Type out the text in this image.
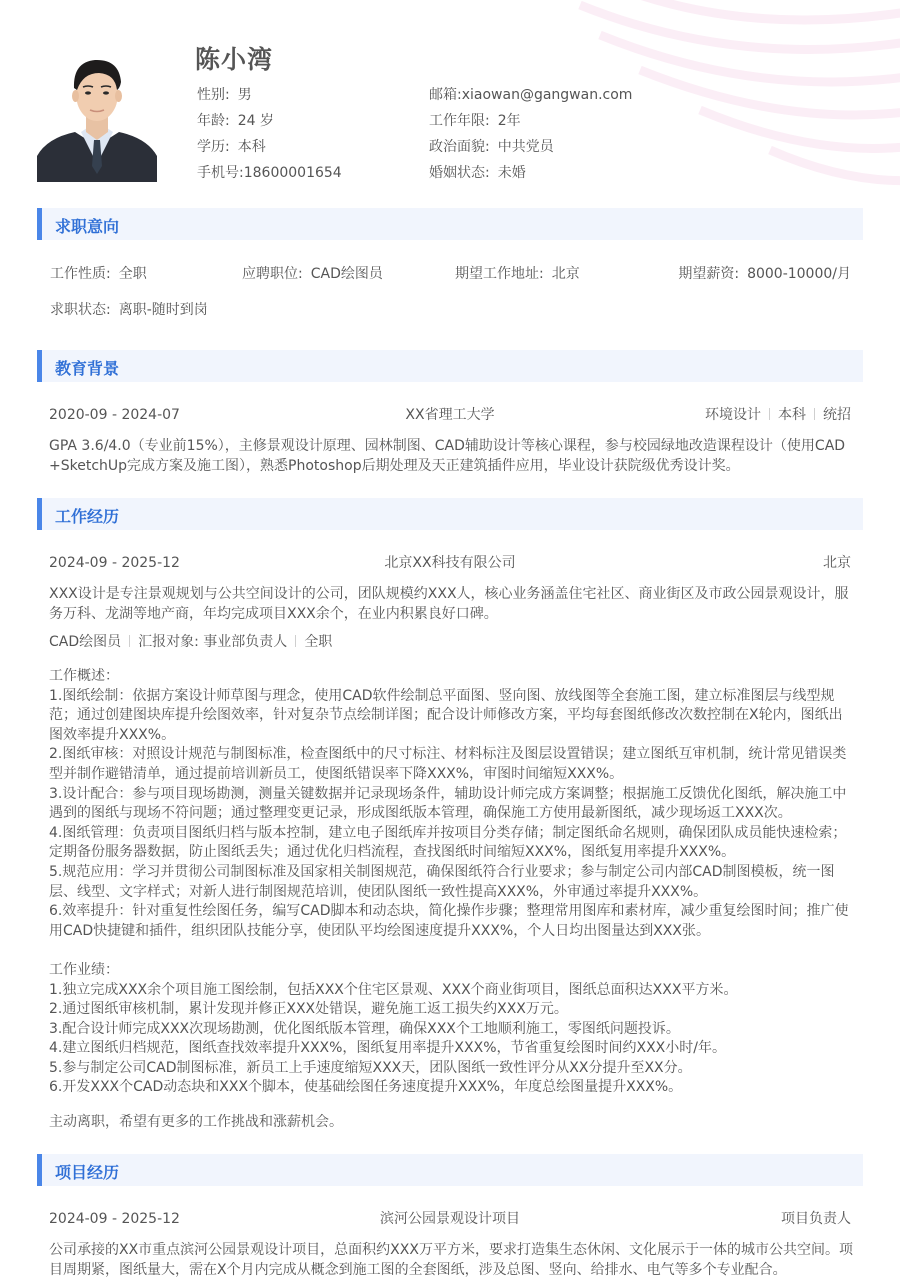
陈小湾
性别: 男	邮箱:xiaowan@gangwan.com
年龄: 24 岁	工作年限: 2年
学历: 本科	政治面貌: 中共党员
手机号:18600001654	婚姻状态: 未婚
求职意向
工作性质: 全职	应聘职位: CAD绘图员	期望工作地址: 北京	期望薪资: 8000-10000/月
求职状态: 离职-随时到岗
教育背景
2020-09 - 2024-07	XX省理工大学	环境设计 本科 统招

GPA 3.6/4.0（专业前15%），主修景观设计原理、园林制图、CAD辅助设计等核心课程，参与校园绿地改造课程设计（使用CAD+SketchUp完成方案及施工图），熟悉Photoshop后期处理及天正建筑插件应用，毕业设计获院级优秀设计奖。

工作经历
2024-09 - 2025-12	北京XX科技有限公司	北京

XXX设计是专注景观规划与公共空间设计的公司，团队规模约XXX人，核心业务涵盖住宅社区、商业街区及市政公园景观设计，服务万科、龙湖等地产商，年均完成项目XXX余个，在业内积累良好口碑。

CAD绘图员 汇报对象: 事业部负责人 全职

工作概述：
1.图纸绘制：依据方案设计师草图与理念，使用CAD软件绘制总平面图、竖向图、放线图等全套施工图，建立标准图层与线型规范；通过创建图块库提升绘图效率，针对复杂节点绘制详图；配合设计师修改方案，平均每套图纸修改次数控制在X轮内，图纸出图效率提升XXX%。
2.图纸审核：对照设计规范与制图标准，检查图纸中的尺寸标注、材料标注及图层设置错误；建立图纸互审机制，统计常见错误类型并制作避错清单，通过提前培训新员工，使图纸错误率下降XXX%，审图时间缩短XXX%。
3.设计配合：参与项目现场勘测，测量关键数据并记录现场条件，辅助设计师完成方案调整；根据施工反馈优化图纸，解决施工中遇到的图纸与现场不符问题；通过整理变更记录，形成图纸版本管理，确保施工方使用最新图纸，减少现场返工XXX次。
4.图纸管理：负责项目图纸归档与版本控制，建立电子图纸库并按项目分类存储；制定图纸命名规则，确保团队成员能快速检索；定期备份服务器数据，防止图纸丢失；通过优化归档流程，查找图纸时间缩短XXX%，图纸复用率提升XXX%。
5.规范应用：学习并贯彻公司制图标准及国家相关制图规范，确保图纸符合行业要求；参与制定公司内部CAD制图模板，统一图层、线型、文字样式；对新人进行制图规范培训，使团队图纸一致性提高XXX%，外审通过率提升XXX%。
6.效率提升：针对重复性绘图任务，编写CAD脚本和动态块，简化操作步骤；整理常用图库和素材库，减少重复绘图时间；推广使用CAD快捷键和插件，组织团队技能分享，使团队平均绘图速度提升XXX%，个人日均出图量达到XXX张。

工作业绩：
1.独立完成XXX余个项目施工图绘制，包括XXX个住宅区景观、XXX个商业街项目，图纸总面积达XXX平方米。
2.通过图纸审核机制，累计发现并修正XXX处错误，避免施工返工损失约XXX万元。
3.配合设计师完成XXX次现场勘测，优化图纸版本管理，确保XXX个工地顺利施工，零图纸问题投诉。
4.建立图纸归档规范，图纸查找效率提升XXX%，图纸复用率提升XXX%，节省重复绘图时间约XXX小时/年。
5.参与制定公司CAD制图标准，新员工上手速度缩短XXX天，团队图纸一致性评分从XX分提升至XX分。
6.开发XXX个CAD动态块和XXX个脚本，使基础绘图任务速度提升XXX%，年度总绘图量提升XXX%。

主动离职，希望有更多的工作挑战和涨薪机会。

项目经历
2024-09 - 2025-12	滨河公园景观设计项目	项目负责人

公司承接的XX市重点滨河公园景观设计项目，总面积约XXX万平方米，要求打造集生态休闲、文化展示于一体的城市公共空间。项目周期紧，图纸量大，需在X个月内完成从概念到施工图的全套图纸，涉及总图、竖向、给排水、电气等多个专业配合。
